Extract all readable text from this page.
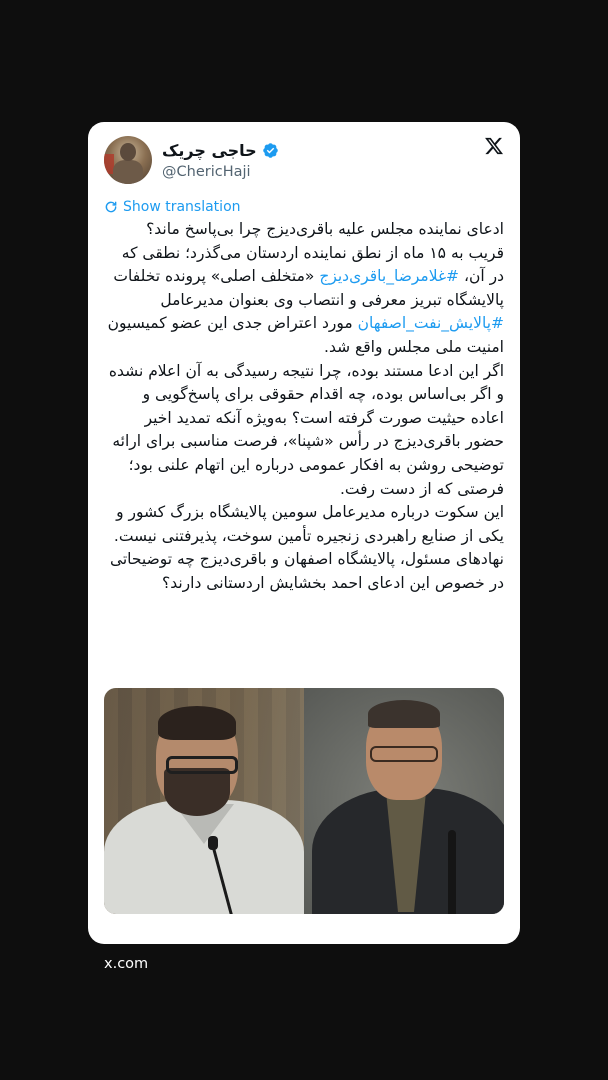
حاجی چریک
@ChericHaji
Show translation

ادعای نماینده مجلس علیه باقری‌دیزج چرا بی‌پاسخ ماند؟

قریب به ۱۵ ماه از نطق نماینده اردستان می‌گذرد؛ نطقی که در آن، #غلامرضا_باقری‌دیزج «متخلف اصلی» پرونده تخلفات پالایشگاه تبریز معرفی و انتصاب وی بعنوان مدیرعامل #پالایش_نفت_اصفهان مورد اعتراض جدی این عضو کمیسیون امنیت ملی مجلس واقع شد.

اگر این ادعا مستند بوده، چرا نتیجه رسیدگی به آن اعلام نشده و اگر بی‌اساس بوده، چه اقدام حقوقی برای پاسخ‌گویی و اعاده حیثیت صورت گرفته است؟ به‌ویژه آنکه تمدید اخیر حضور باقری‌دیزج در رأس «شپنا»، فرصت مناسبی برای ارائه توضیحی روشن به افکار عمومی درباره این اتهام علنی بود؛ فرصتی که از دست رفت.

این سکوت درباره مدیرعامل سومین پالایشگاه بزرگ کشور و یکی از صنایع راهبردی زنجیره تأمین سوخت، پذیرفتنی نیست. نهادهای مسئول، پالایشگاه اصفهان و باقری‌دیزج چه توضیحاتی در خصوص این ادعای احمد بخشایش اردستانی دارند؟

x.com
